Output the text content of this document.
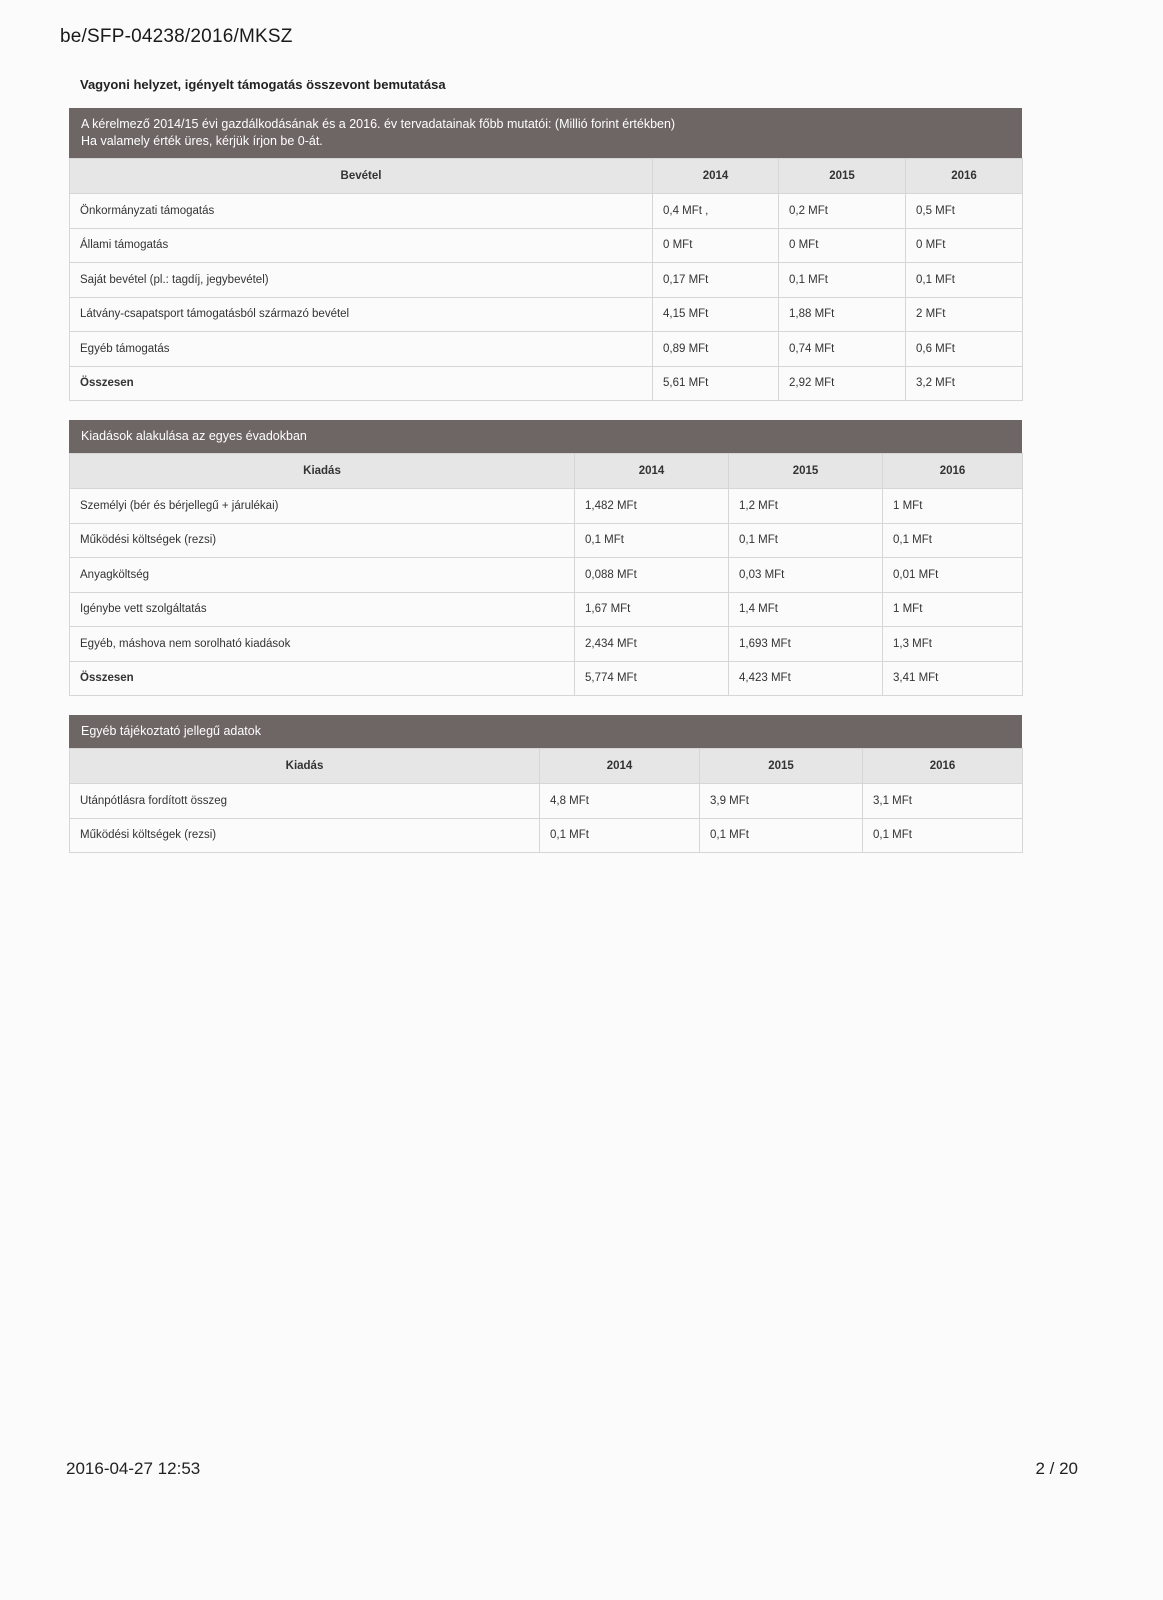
be/SFP-04238/2016/MKSZ
Vagyoni helyzet, igényelt támogatás összevont bemutatása
A kérelmező 2014/15 évi gazdálkodásának és a 2016. év tervadatainak főbb mutatói: (Millió forint értékben)
Ha valamely érték üres, kérjük írjon be 0-át.
Bevétel	2014	2015	2016
Önkormányzati támogatás	0,4 MFt ,	0,2 MFt	0,5 MFt
Állami támogatás	0 MFt	0 MFt	0 MFt
Saját bevétel (pl.: tagdíj, jegybevétel)	0,17 MFt	0,1 MFt	0,1 MFt
Látvány-csapatsport támogatásból származó bevétel	4,15 MFt	1,88 MFt	2 MFt
Egyéb támogatás	0,89 MFt	0,74 MFt	0,6 MFt
Összesen	5,61 MFt	2,92 MFt	3,2 MFt
Kiadások alakulása az egyes évadokban
Kiadás	2014	2015	2016
Személyi (bér és bérjellegű + járulékai)	1,482 MFt	1,2 MFt	1 MFt
Működési költségek (rezsi)	0,1 MFt	0,1 MFt	0,1 MFt
Anyagköltség	0,088 MFt	0,03 MFt	0,01 MFt
Igénybe vett szolgáltatás	1,67 MFt	1,4 MFt	1 MFt
Egyéb, máshova nem sorolható kiadások	2,434 MFt	1,693 MFt	1,3 MFt
Összesen	5,774 MFt	4,423 MFt	3,41 MFt
Egyéb tájékoztató jellegű adatok
Kiadás	2014	2015	2016
Utánpótlásra fordított összeg	4,8 MFt	3,9 MFt	3,1 MFt
Működési költségek (rezsi)	0,1 MFt	0,1 MFt	0,1 MFt
2016-04-27 12:53	2 / 20
